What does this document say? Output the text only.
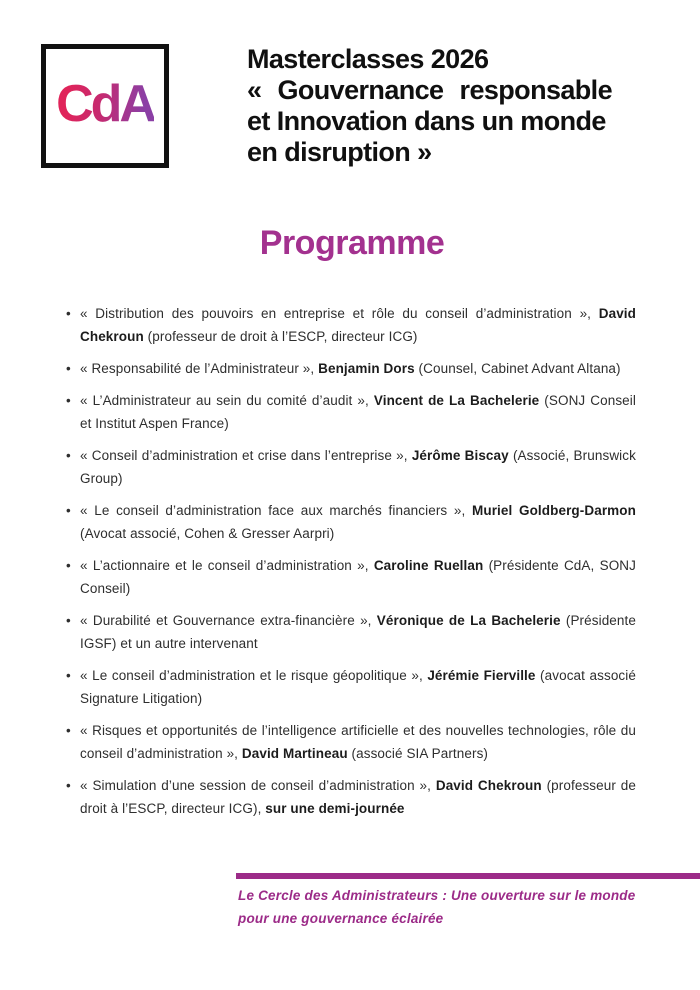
CdA
Masterclasses 2026
« Gouvernance responsable
et Innovation dans un monde
en disruption »
Programme
• « Distribution des pouvoirs en entreprise et rôle du conseil d’administration », David Chekroun (professeur de droit à l’ESCP, directeur ICG)
• « Responsabilité de l’Administrateur », Benjamin Dors (Counsel, Cabinet Advant Altana)
• « L’Administrateur au sein du comité d’audit », Vincent de La Bachelerie (SONJ Conseil et Institut Aspen France)
• « Conseil d’administration et crise dans l’entreprise », Jérôme Biscay (Associé, Brunswick Group)
• « Le conseil d’administration face aux marchés financiers », Muriel Goldberg-Darmon (Avocat associé, Cohen & Gresser Aarpri)
• « L’actionnaire et le conseil d’administration », Caroline Ruellan (Présidente CdA, SONJ Conseil)
• « Durabilité et Gouvernance extra-financière », Véronique de La Bachelerie (Présidente IGSF) et un autre intervenant
• « Le conseil d’administration et le risque géopolitique », Jérémie Fierville (avocat associé Signature Litigation)
• « Risques et opportunités de l’intelligence artificielle et des nouvelles technologies, rôle du conseil d’administration », David Martineau (associé SIA Partners)
• « Simulation d’une session de conseil d’administration », David Chekroun (professeur de droit à l’ESCP, directeur ICG), sur une demi-journée
Le Cercle des Administrateurs : Une ouverture sur le monde pour une gouvernance éclairée
